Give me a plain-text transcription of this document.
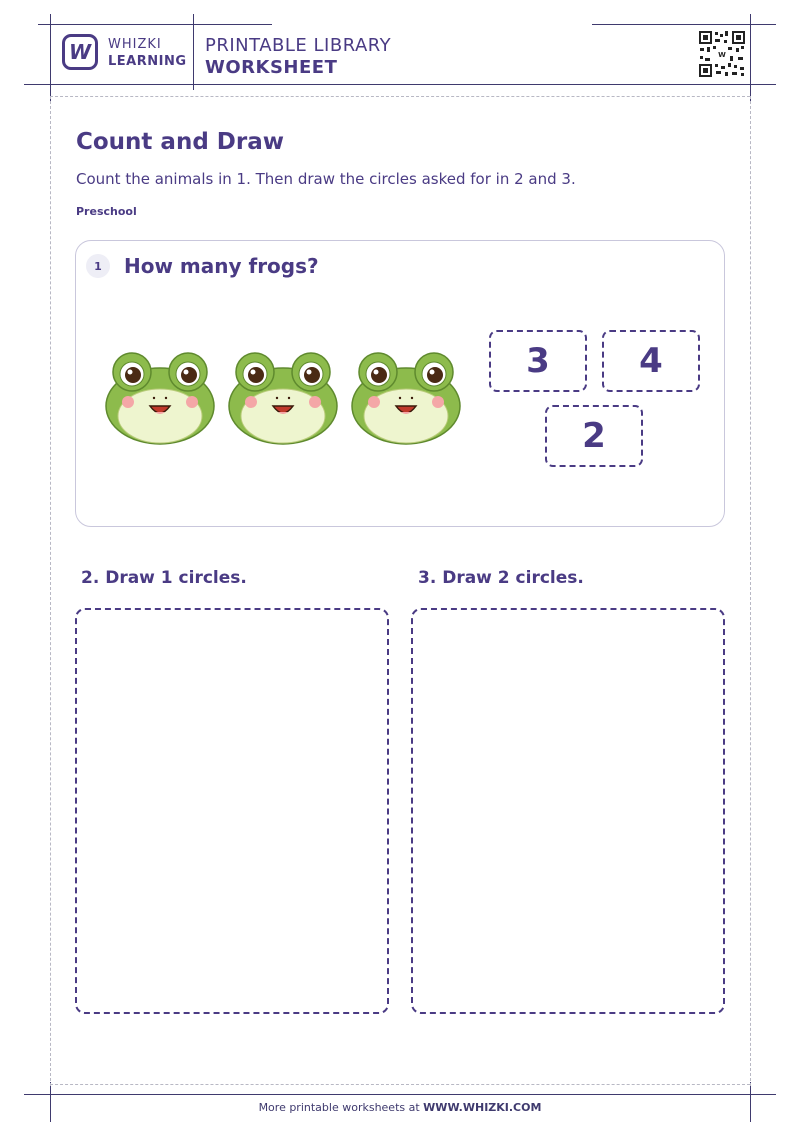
W WHIZKI
LEARNING
PRINTABLE LIBRARY
WORKSHEET
W
Count and Draw
Count the animals in 1. Then draw the circles asked for in 2 and 3.
Preschool
1	How many frogs?
3	4
2
2. Draw 1 circles.	3. Draw 2 circles.
More printable worksheets at WWW.WHIZKI.COM
